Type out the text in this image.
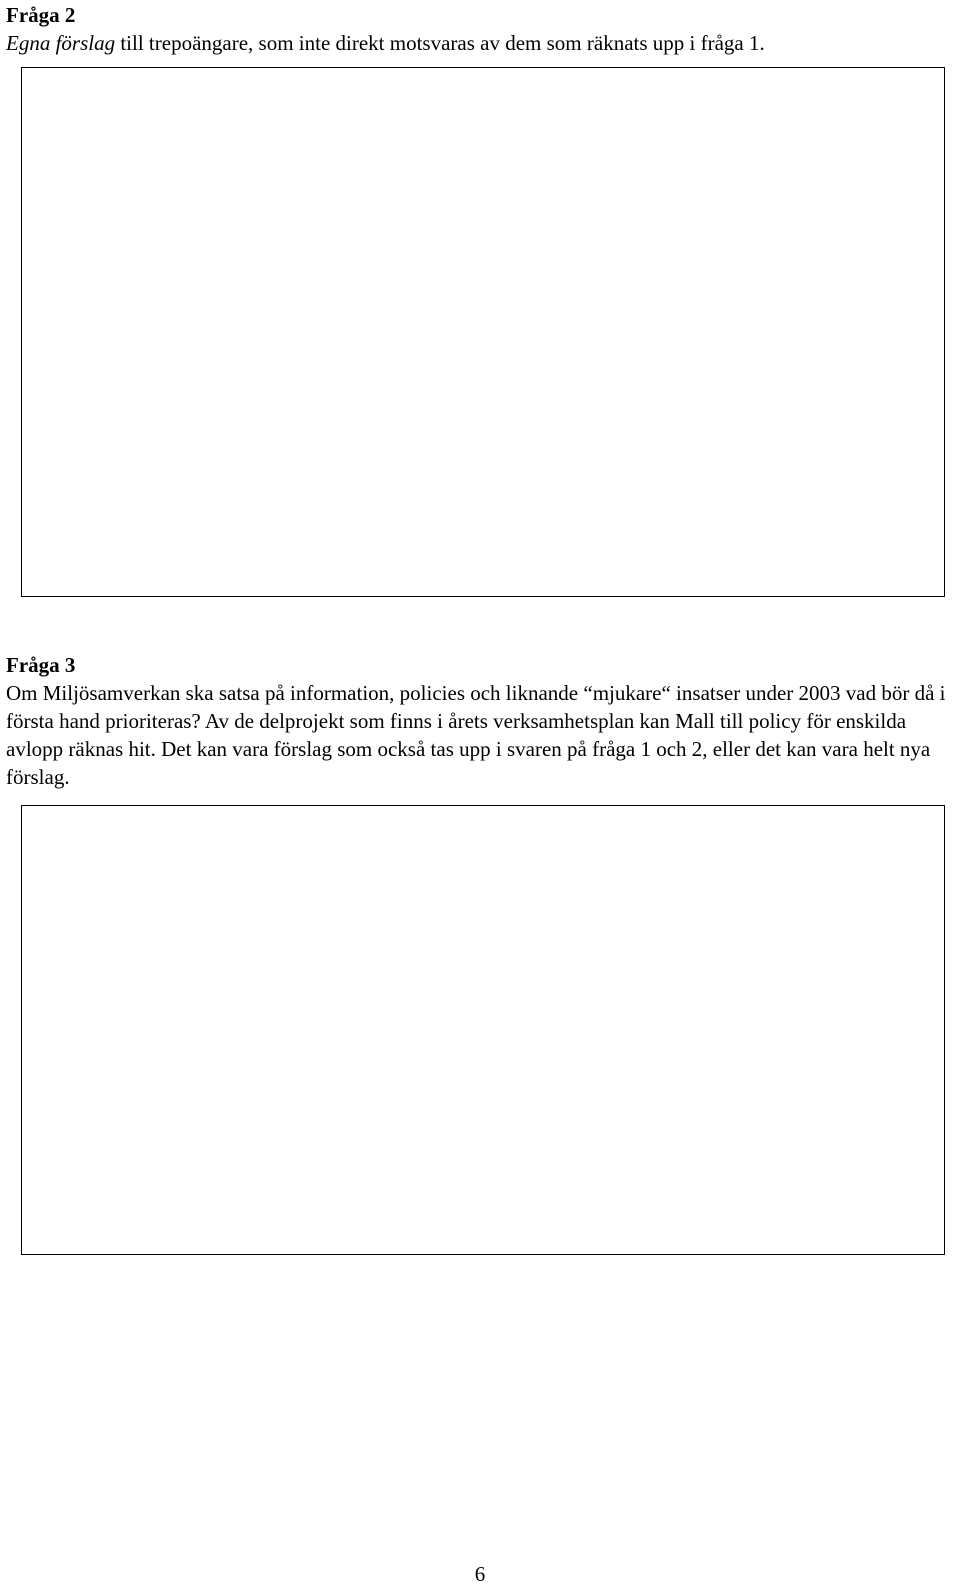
Fråga 2

Egna förslag till trepoängare, som inte direkt motsvaras av dem som räknats upp i fråga 1.

Fråga 3

Om Miljösamverkan ska satsa på information, policies och liknande “mjukare“ insatser under 2003 vad bör då i första hand prioriteras? Av de delprojekt som finns i årets verksamhetsplan kan Mall till policy för enskilda avlopp räknas hit. Det kan vara förslag som också tas upp i svaren på fråga 1 och 2, eller det kan vara helt nya förslag.

6
